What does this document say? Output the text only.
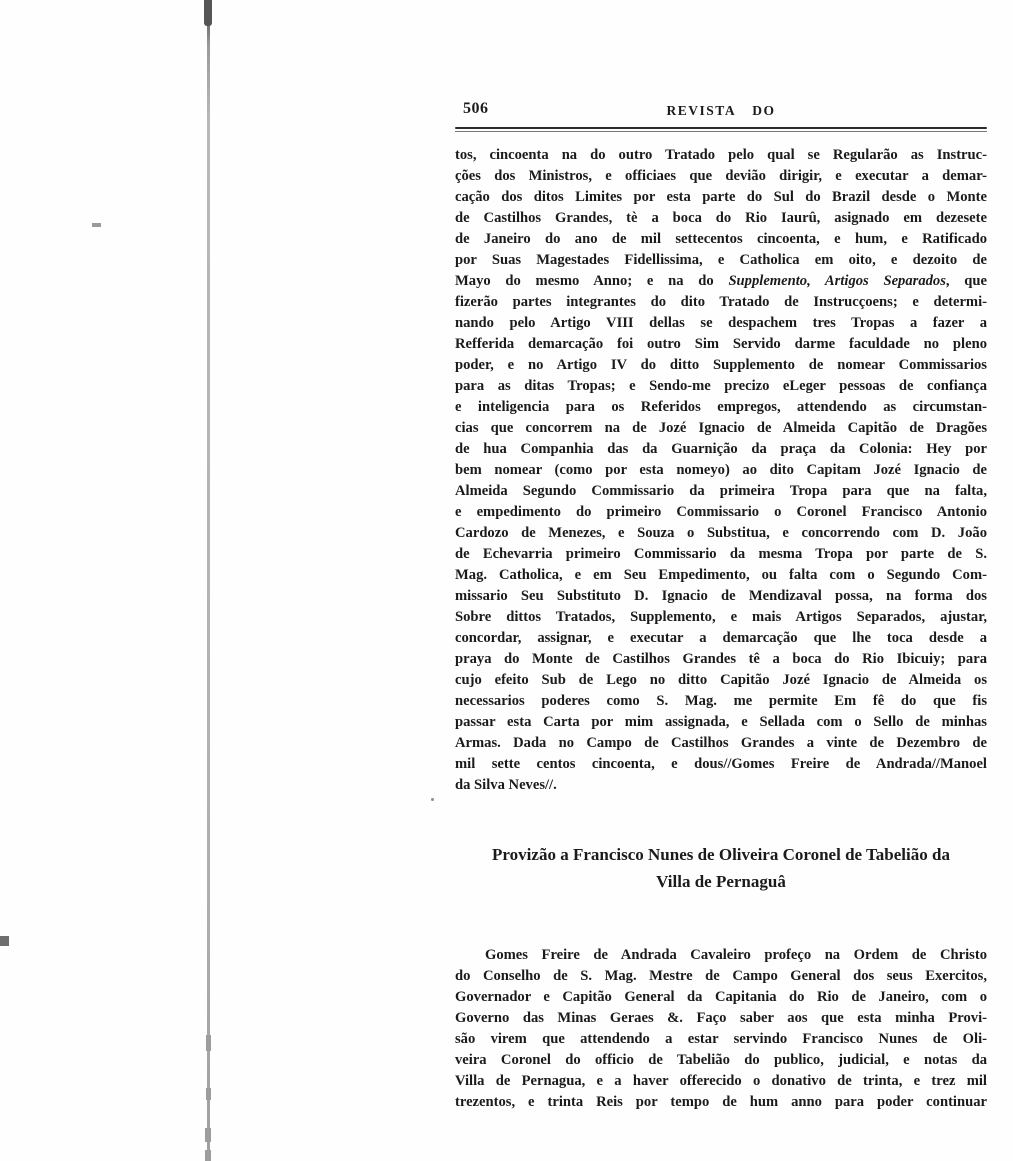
506	REVISTA DO
tos, cincoenta na do outro Tratado pelo qual se Regularão as Instruc-
ções dos Ministros, e officiaes que devião dirigir, e executar a demar-
cação dos ditos Limites por esta parte do Sul do Brazil desde o Monte
de Castilhos Grandes, tè a boca do Rio Iaurû, asignado em dezesete
de Janeiro do ano de mil settecentos cincoenta, e hum, e Ratificado
por Suas Magestades Fidellissima, e Catholica em oito, e dezoito de
Mayo do mesmo Anno; e na do Supplemento, Artigos Separados, que
fizerão partes integrantes do dito Tratado de Instrucçoens; e determi-
nando pelo Artigo VIII dellas se despachem tres Tropas a fazer a
Refferida demarcação foi outro Sim Servido darme faculdade no pleno
poder, e no Artigo IV do ditto Supplemento de nomear Commissarios
para as ditas Tropas; e Sendo-me precizo eLeger pessoas de confiança
e inteligencia para os Referidos empregos, attendendo as circumstan-
cias que concorrem na de Jozé Ignacio de Almeida Capitão de Dragões
de hua Companhia das da Guarnição da praça da Colonia: Hey por
bem nomear (como por esta nomeyo) ao dito Capitam Jozé Ignacio de
Almeida Segundo Commissario da primeira Tropa para que na falta,
e empedimento do primeiro Commissario o Coronel Francisco Antonio
Cardozo de Menezes, e Souza o Substitua, e concorrendo com D. João
de Echevarria primeiro Commissario da mesma Tropa por parte de S.
Mag. Catholica, e em Seu Empedimento, ou falta com o Segundo Com-
missario Seu Substituto D. Ignacio de Mendizaval possa, na forma dos
Sobre dittos Tratados, Supplemento, e mais Artigos Separados, ajustar,
concordar, assignar, e executar a demarcação que lhe toca desde a
praya do Monte de Castilhos Grandes tê a boca do Rio Ibicuiy; para
cujo efeito Sub de Lego no ditto Capitão Jozé Ignacio de Almeida os
necessarios poderes como S. Mag. me permite Em fê do que fis
passar esta Carta por mim assignada, e Sellada com o Sello de minhas
Armas. Dada no Campo de Castilhos Grandes a vinte de Dezembro de
mil sette centos cincoenta, e dous//Gomes Freire de Andrada//Manoel
da Silva Neves//.
Provizão a Francisco Nunes de Oliveira Coronel de Tabelião da
Villa de Pernaguâ
Gomes Freire de Andrada Cavaleiro profeço na Ordem de Christo
do Conselho de S. Mag. Mestre de Campo General dos seus Exercitos,
Governador e Capitão General da Capitania do Rio de Janeiro, com o
Governo das Minas Geraes &. Faço saber aos que esta minha Provi-
são virem que attendendo a estar servindo Francisco Nunes de Oli-
veira Coronel do officio de Tabelião do publico, judicial, e notas da
Villa de Pernagua, e a haver offerecido o donativo de trinta, e trez mil
trezentos, e trinta Reis por tempo de hum anno para poder continuar
